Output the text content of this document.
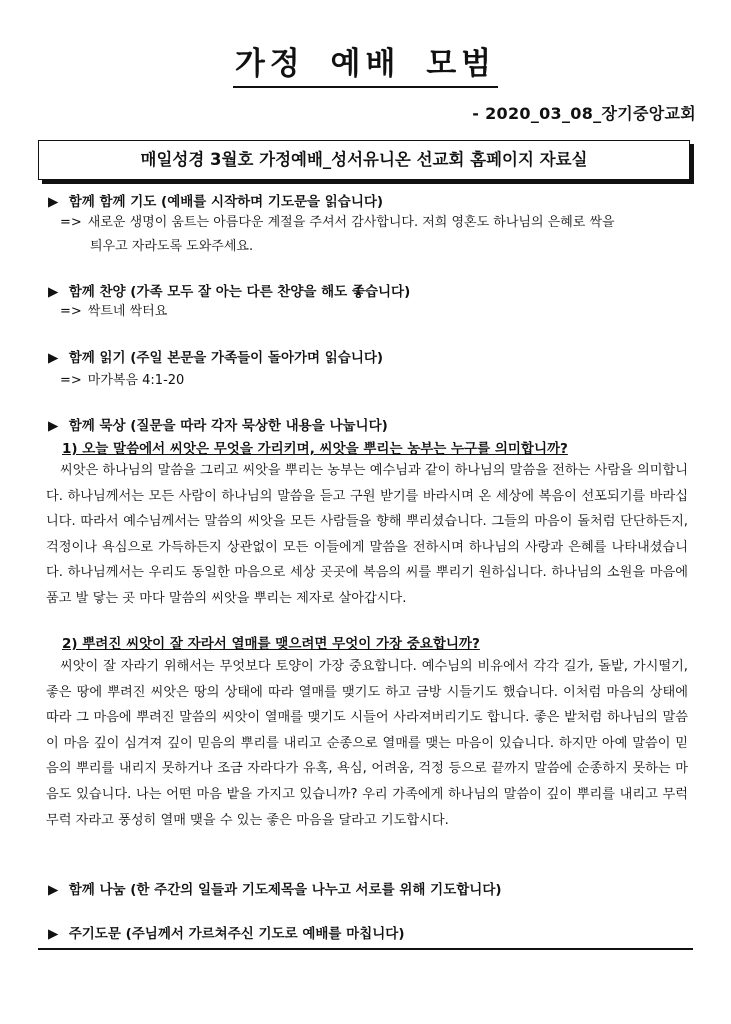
가정 예배 모범
- 2020_03_08_장기중앙교회
매일성경 3월호 가정예배_성서유니온 선교회 홈페이지 자료실
▶ 함께 함께 기도 (예배를 시작하며 기도문을 읽습니다)
=> 새로운 생명이 움트는 아름다운 계절을 주셔서 감사합니다. 저희 영혼도 하나님의 은혜로 싹을
틔우고 자라도록 도와주세요.
▶ 함께 찬양 (가족 모두 잘 아는 다른 찬양을 해도 좋습니다)
=> 싹트네 싹터요
▶ 함께 읽기 (주일 본문을 가족들이 돌아가며 읽습니다)
=> 마가복음 4:1-20
▶ 함께 묵상 (질문을 따라 각자 묵상한 내용을 나눕니다)
1) 오늘 말씀에서 씨앗은 무엇을 가리키며, 씨앗을 뿌리는 농부는 누구를 의미합니까?
씨앗은 하나님의 말씀을 그리고 씨앗을 뿌리는 농부는 예수님과 같이 하나님의 말씀을 전하는 사람을 의미합니다. 하나님께서는 모든 사람이 하나님의 말씀을 듣고 구원 받기를 바라시며 온 세상에 복음이 선포되기를 바라십니다. 따라서 예수님께서는 말씀의 씨앗을 모든 사람들을 향해 뿌리셨습니다. 그들의 마음이 돌처럼 단단하든지, 걱정이나 욕심으로 가득하든지 상관없이 모든 이들에게 말씀을 전하시며 하나님의 사랑과 은혜를 나타내셨습니다. 하나님께서는 우리도 동일한 마음으로 세상 곳곳에 복음의 씨를 뿌리기 원하십니다. 하나님의 소원을 마음에 품고 발 닿는 곳 마다 말씀의 씨앗을 뿌리는 제자로 살아갑시다.
2) 뿌려진 씨앗이 잘 자라서 열매를 맺으려면 무엇이 가장 중요합니까?
씨앗이 잘 자라기 위해서는 무엇보다 토양이 가장 중요합니다. 예수님의 비유에서 각각 길가, 돌밭, 가시떨기, 좋은 땅에 뿌려진 씨앗은 땅의 상태에 따라 열매를 맺기도 하고 금방 시들기도 했습니다. 이처럼 마음의 상태에 따라 그 마음에 뿌려진 말씀의 씨앗이 열매를 맺기도 시들어 사라져버리기도 합니다. 좋은 밭처럼 하나님의 말씀이 마음 깊이 심겨져 깊이 믿음의 뿌리를 내리고 순종으로 열매를 맺는 마음이 있습니다. 하지만 아예 말씀이 믿음의 뿌리를 내리지 못하거나 조금 자라다가 유혹, 욕심, 어려움, 걱정 등으로 끝까지 말씀에 순종하지 못하는 마음도 있습니다. 나는 어떤 마음 밭을 가지고 있습니까? 우리 가족에게 하나님의 말씀이 깊이 뿌리를 내리고 무럭무럭 자라고 풍성히 열매 맺을 수 있는 좋은 마음을 달라고 기도합시다.
▶ 함께 나눔 (한 주간의 일들과 기도제목을 나누고 서로를 위해 기도합니다)
▶ 주기도문 (주님께서 가르쳐주신 기도로 예배를 마칩니다)
